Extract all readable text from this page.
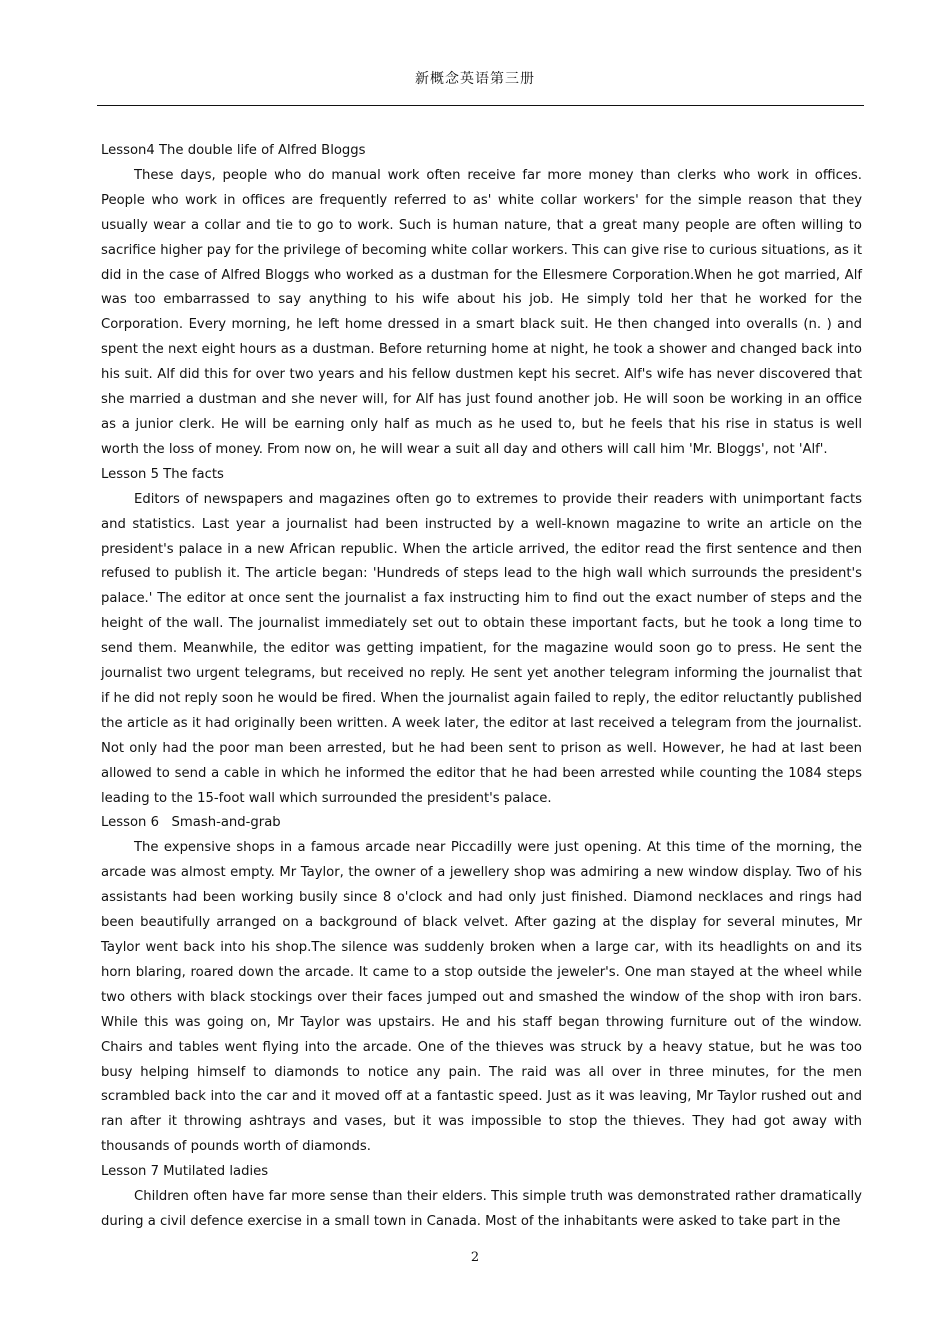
新概念英语第三册
Lesson4 The double life of Alfred Bloggs

These days, people who do manual work often receive far more money than clerks who work in offices. People who work in offices are frequently referred to as' white collar workers' for the simple reason that they usually wear a collar and tie to go to work. Such is human nature, that a great many people are often willing to sacrifice higher pay for the privilege of becoming white collar workers. This can give rise to curious situations, as it did in the case of Alfred Bloggs who worked as a dustman for the Ellesmere Corporation.When he got married, Alf was too embarrassed to say anything to his wife about his job. He simply told her that he worked for the Corporation. Every morning, he left home dressed in a smart black suit. He then changed into overalls (n. ) and spent the next eight hours as a dustman. Before returning home at night, he took a shower and changed back into his suit. Alf did this for over two years and his fellow dustmen kept his secret. Alf's wife has never discovered that she married a dustman and she never will, for Alf has just found another job. He will soon be working in an office as a junior clerk. He will be earning only half as much as he used to, but he feels that his rise in status is well worth the loss of money. From now on, he will wear a suit all day and others will call him 'Mr. Bloggs', not 'Alf'.

Lesson 5 The facts

Editors of newspapers and magazines often go to extremes to provide their readers with unimportant facts and statistics. Last year a journalist had been instructed by a well-known magazine to write an article on the president's palace in a new African republic. When the article arrived, the editor read the first sentence and then refused to publish it. The article began: 'Hundreds of steps lead to the high wall which surrounds the president's palace.' The editor at once sent the journalist a fax instructing him to find out the exact number of steps and the height of the wall. The journalist immediately set out to obtain these important facts, but he took a long time to send them. Meanwhile, the editor was getting impatient, for the magazine would soon go to press. He sent the journalist two urgent telegrams, but received no reply. He sent yet another telegram informing the journalist that if he did not reply soon he would be fired. When the journalist again failed to reply, the editor reluctantly published the article as it had originally been written. A week later, the editor at last received a telegram from the journalist. Not only had the poor man been arrested, but he had been sent to prison as well. However, he had at last been allowed to send a cable in which he informed the editor that he had been arrested while counting the 1084 steps leading to the 15-foot wall which surrounded the president's palace.

Lesson 6   Smash-and-grab

The expensive shops in a famous arcade near Piccadilly were just opening. At this time of the morning, the arcade was almost empty. Mr Taylor, the owner of a jewellery shop was admiring a new window display. Two of his assistants had been working busily since 8 o'clock and had only just finished. Diamond necklaces and rings had been beautifully arranged on a background of black velvet. After gazing at the display for several minutes, Mr Taylor went back into his shop.The silence was suddenly broken when a large car, with its headlights on and its horn blaring, roared down the arcade. It came to a stop outside the jeweler's. One man stayed at the wheel while two others with black stockings over their faces jumped out and smashed the window of the shop with iron bars. While this was going on, Mr Taylor was upstairs. He and his staff began throwing furniture out of the window. Chairs and tables went flying into the arcade. One of the thieves was struck by a heavy statue, but he was too busy helping himself to diamonds to notice any pain. The raid was all over in three minutes, for the men scrambled back into the car and it moved off at a fantastic speed. Just as it was leaving, Mr Taylor rushed out and ran after it throwing ashtrays and vases, but it was impossible to stop the thieves. They had got away with thousands of pounds worth of diamonds.

Lesson 7 Mutilated ladies

Children often have far more sense than their elders. This simple truth was demonstrated rather dramatically during a civil defence exercise in a small town in Canada. Most of the inhabitants were asked to take part in the

2
